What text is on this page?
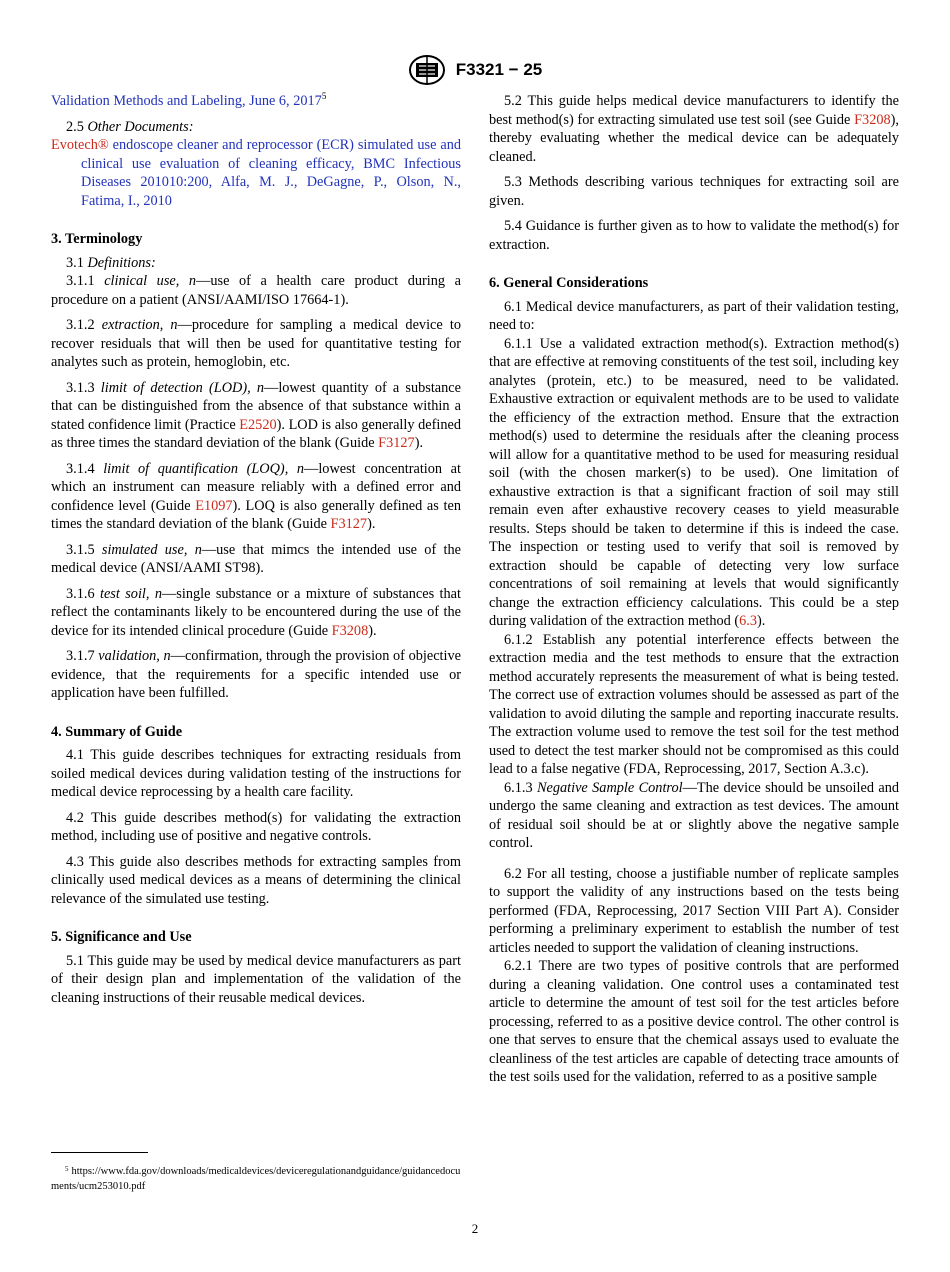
F3321 − 25

Validation Methods and Labeling, June 6, 2017$^5$

2.5 Other Documents:

Evotech® endoscope cleaner and reprocessor (ECR) simulated use and clinical use evaluation of cleaning efficacy, BMC Infectious Diseases 201010:200, Alfa, M. J., DeGagne, P., Olson, N., Fatima, I., 2010

3. Terminology

3.1 Definitions:

3.1.1 clinical use, n—use of a health care product during a procedure on a patient (ANSI/AAMI/ISO 17664-1).

3.1.2 extraction, n—procedure for sampling a medical device to recover residuals that will then be used for quantitative testing for analytes such as protein, hemoglobin, etc.

3.1.3 limit of detection (LOD), n—lowest quantity of a substance that can be distinguished from the absence of that substance within a stated confidence limit (Practice E2520). LOD is also generally defined as three times the standard deviation of the blank (Guide F3127).

3.1.4 limit of quantification (LOQ), n—lowest concentration at which an instrument can measure reliably with a defined error and confidence level (Guide E1097). LOQ is also generally defined as ten times the standard deviation of the blank (Guide F3127).

3.1.5 simulated use, n—use that mimcs the intended use of the medical device (ANSI/AAMI ST98).

3.1.6 test soil, n—single substance or a mixture of substances that reflect the contaminants likely to be encountered during the use of the device for its intended clinical procedure (Guide F3208).

3.1.7 validation, n—confirmation, through the provision of objective evidence, that the requirements for a specific intended use or application have been fulfilled.

4. Summary of Guide

4.1 This guide describes techniques for extracting residuals from soiled medical devices during validation testing of the instructions for medical device reprocessing by a health care facility.

4.2 This guide describes method(s) for validating the extraction method, including use of positive and negative controls.

4.3 This guide also describes methods for extracting samples from clinically used medical devices as a means of determining the clinical relevance of the simulated use testing.

5. Significance and Use

5.1 This guide may be used by medical device manufacturers as part of their design plan and implementation of the validation of the cleaning instructions of their reusable medical devices.

$^5$ https://www.fda.gov/downloads/medicaldevices/deviceregulationandguidance/guidancedocuments/ucm253010.pdf

5.2 This guide helps medical device manufacturers to identify the best method(s) for extracting simulated use test soil (see Guide F3208), thereby evaluating whether the medical device can be adequately cleaned.

5.3 Methods describing various techniques for extracting soil are given.

5.4 Guidance is further given as to how to validate the method(s) for extraction.

6. General Considerations

6.1 Medical device manufacturers, as part of their validation testing, need to:

6.1.1 Use a validated extraction method(s). Extraction method(s) that are effective at removing constituents of the test soil, including key analytes (protein, etc.) to be measured, need to be validated. Exhaustive extraction or equivalent methods are to be used to validate the efficiency of the extraction method. Ensure that the extraction method(s) used to determine the residuals after the cleaning process will allow for a quantitative method to be used for measuring residual soil (with the chosen marker(s) to be used). One limitation of exhaustive extraction is that a significant fraction of soil may still remain even after exhaustive recovery ceases to yield measurable results. Steps should be taken to determine if this is indeed the case. The inspection or testing used to verify that soil is removed by extraction should be capable of detecting very low surface concentrations of soil remaining at levels that would significantly change the extraction efficiency calculations. This could be a step during validation of the extraction method (6.3).

6.1.2 Establish any potential interference effects between the extraction media and the test methods to ensure that the extraction method accurately represents the measurement of what is being tested. The correct use of extraction volumes should be assessed as part of the validation to avoid diluting the sample and reporting inaccurate results. The extraction volume used to remove the test soil for the test method used to detect the test marker should not be compromised as this could lead to a false negative (FDA, Reprocessing, 2017, Section A.3.c).

6.1.3 Negative Sample Control—The device should be unsoiled and undergo the same cleaning and extraction as test devices. The amount of residual soil should be at or slightly above the negative sample control.

6.2 For all testing, choose a justifiable number of replicate samples to support the validity of any instructions based on the tests being performed (FDA, Reprocessing, 2017 Section VIII Part A). Consider performing a preliminary experiment to establish the number of test articles needed to support the validation of cleaning instructions.

6.2.1 There are two types of positive controls that are performed during a cleaning validation. One control uses a contaminated test article to determine the amount of test soil for the test articles before processing, referred to as a positive device control. The other control is one that serves to ensure that the chemical assays used to evaluate the cleanliness of the test articles are capable of detecting trace amounts of the test soils used for the validation, referred to as a positive sample

2
